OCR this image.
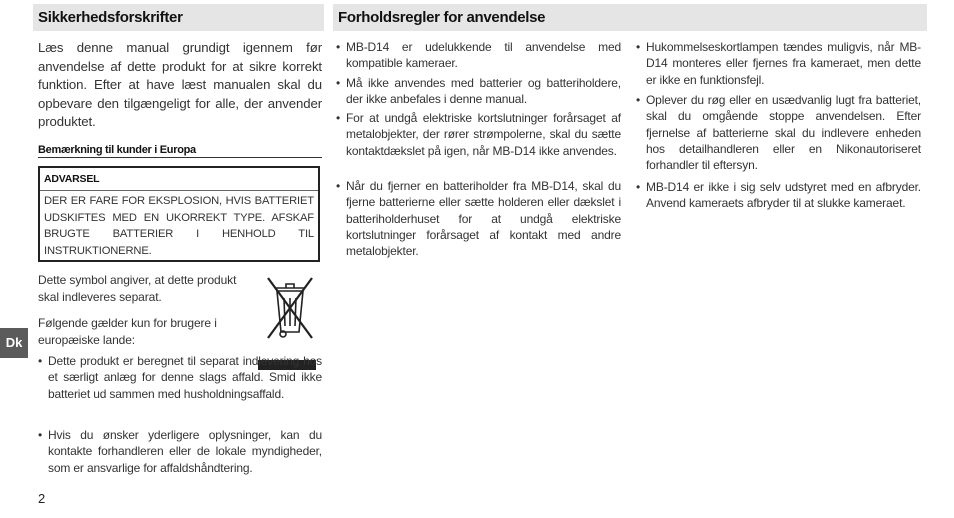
Sikkerhedsforskrifter	Forholdsregler for anvendelse

Læs denne manual grundigt igennem før anvendelse af dette produkt for at sikre korrekt funktion. Efter at have læst manualen skal du opbevare den tilgængeligt for alle, der anvender produktet.

Bemærkning til kunder i Europa
ADVARSEL

DER ER FARE FOR EKSPLOSION, HVIS BATTERIET UDSKIFTES MED EN UKORREKT TYPE. AFSKAF BRUGTE BATTERIER I HENHOLD TIL INSTRUKTIONERNE.

Dette symbol angiver, at dette produkt skal indleveres separat.

Følgende gælder kun for brugere i europæiske lande:

• Dette produkt er beregnet til separat indlevering hos et særligt anlæg for denne slags affald. Smid ikke batteriet ud sammen med husholdningsaffald.

• Hvis du ønsker yderligere oplysninger, kan du kontakte forhandleren eller de lokale myndigheder, som er ansvarlige for affaldshåndtering.

• MB-D14 er udelukkende til anvendelse med kompatible kameraer.

• Må ikke anvendes med batterier og batteriholdere, der ikke anbefales i denne manual.

• For at undgå elektriske kortslutninger forårsaget af metalobjekter, der rører strømpolerne, skal du sætte kontaktdækslet på igen, når MB-D14 ikke anvendes.

• Når du fjerner en batteriholder fra MB-D14, skal du fjerne batterierne eller sætte holderen eller dækslet i batteriholderhuset for at undgå elektriske kortslutninger forårsaget af kontakt med andre metalobjekter.

• Hukommelseskortlampen tændes muligvis, når MB-D14 monteres eller fjernes fra kameraet, men dette er ikke en funktionsfejl.

• Oplever du røg eller en usædvanlig lugt fra batteriet, skal du omgående stoppe anvendelsen. Efter fjernelse af batterierne skal du indlevere enheden hos detailhandleren eller en Nikonautoriseret forhandler til eftersyn.

• MB-D14 er ikke i sig selv udstyret med en afbryder. Anvend kameraets afbryder til at slukke kameraet.

Dk
2
